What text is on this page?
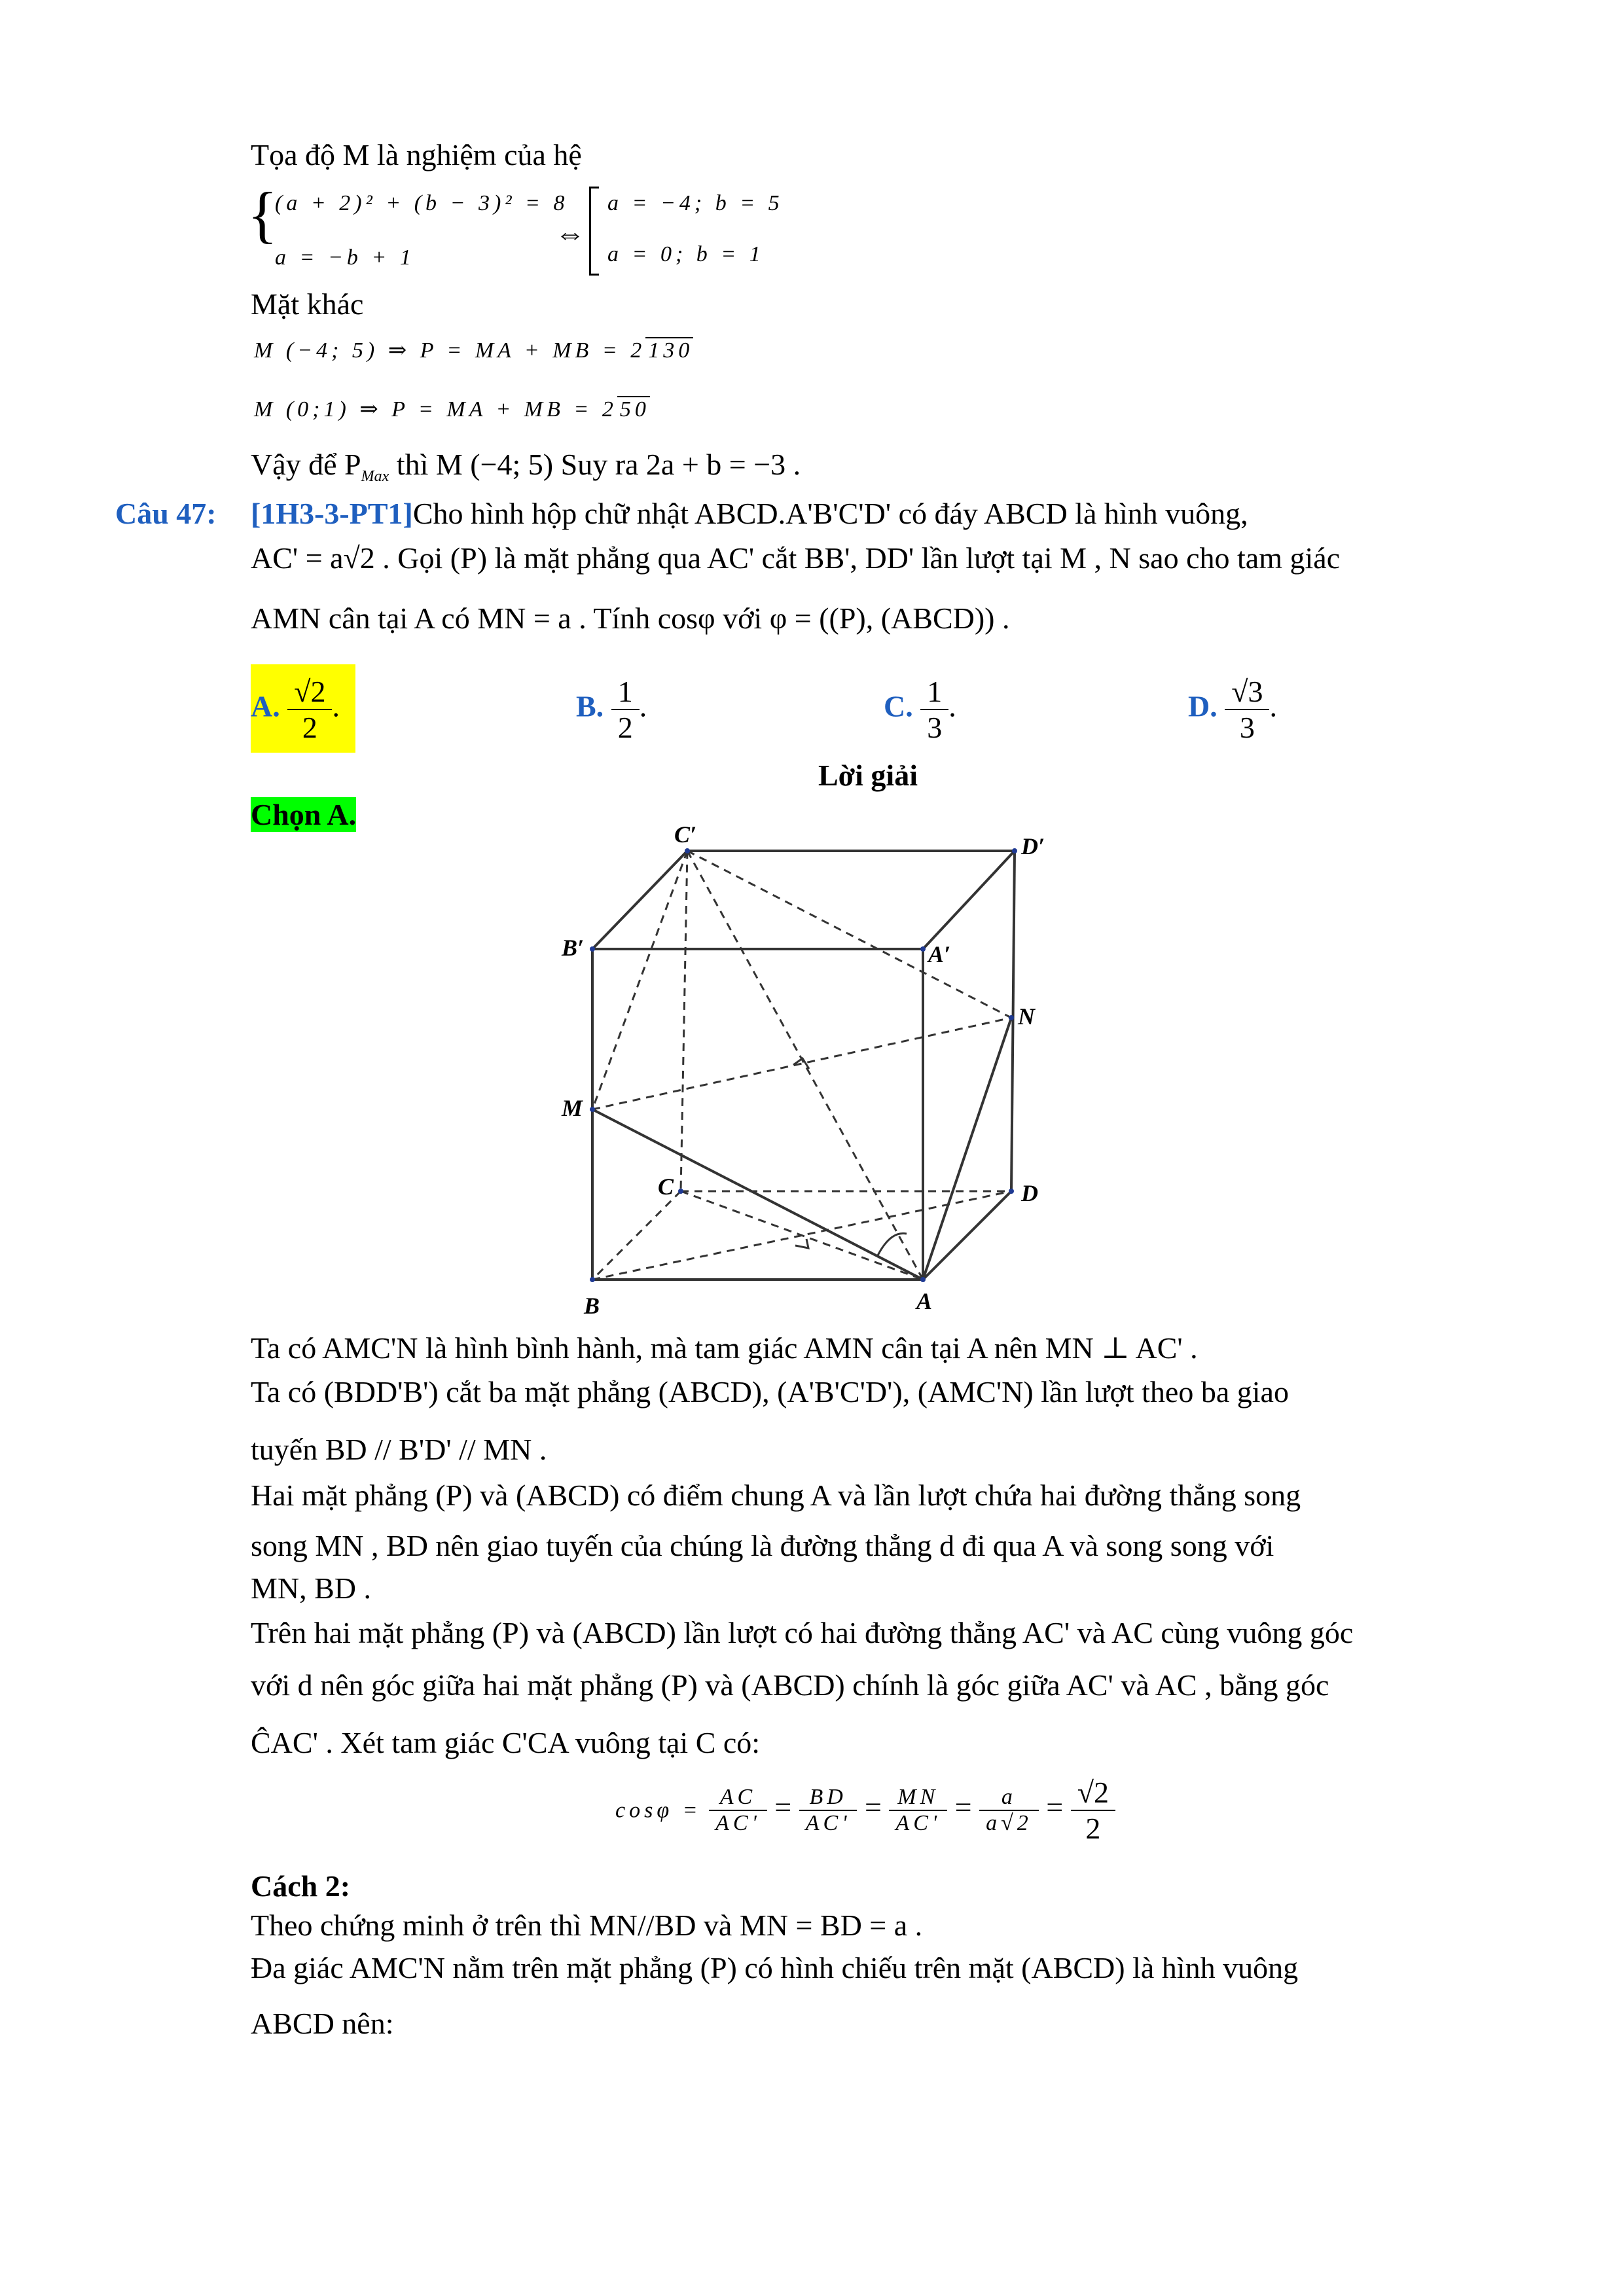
Tọa độ M là nghiệm của hệ
{
(a + 2)² + (b − 3)² = 8
a = −b + 1
⇔
a = −4; b = 5
a = 0; b = 1
Mặt khác
M (−4; 5) ⇒ P = MA + MB = 2 130
M (0;1) ⇒ P = MA + MB = 2 50
Vậy để $P_{Max}$ thì M (−4; 5) Suy ra 2a + b = −3 .
Câu 47: [1H3-3-PT1]Cho hình hộp chữ nhật ABCD.A'B'C'D' có đáy ABCD là hình vuông,
AC' = a√2 . Gọi (P) là mặt phẳng qua AC' cắt BB', DD' lần lượt tại M , N sao cho tam giác
AMN cân tại A có MN = a . Tính cosφ với φ = ((P), (ABCD)) .
A. $\frac{√2}{2}$ .	B. $\frac{1}{2}$ .	C. $\frac{1}{3}$ .	D. $\frac{√3}{3}$ .
Lời giải
Chọn A.
C′	D′
B′	A′
N
M
C	D
B	A
Ta có AMC'N là hình bình hành, mà tam giác AMN cân tại A nên MN ⊥ AC' .
Ta có (BDD'B') cắt ba mặt phẳng (ABCD), (A'B'C'D'), (AMC'N) lần lượt theo ba giao
tuyến BD // B'D' // MN .
Hai mặt phẳng (P) và (ABCD) có điểm chung A và lần lượt chứa hai đường thẳng song
song MN , BD nên giao tuyến của chúng là đường thẳng d đi qua A và song song với
MN, BD .
Trên hai mặt phẳng (P) và (ABCD) lần lượt có hai đường thẳng AC' và AC cùng vuông góc
với d nên góc giữa hai mặt phẳng (P) và (ABCD) chính là góc giữa AC' và AC , bằng góc
ĈAC' . Xét tam giác C'CA vuông tại C có:
$\cos\varphi = \frac{AC}{AC'} = \frac{BD}{AC'} = \frac{MN}{AC'} = \frac{a}{a√2} = \frac{√2}{2}$
Cách 2:
Theo chứng minh ở trên thì MN//BD và MN = BD = a .
Đa giác AMC'N nằm trên mặt phẳng (P) có hình chiếu trên mặt (ABCD) là hình vuông
ABCD nên:
